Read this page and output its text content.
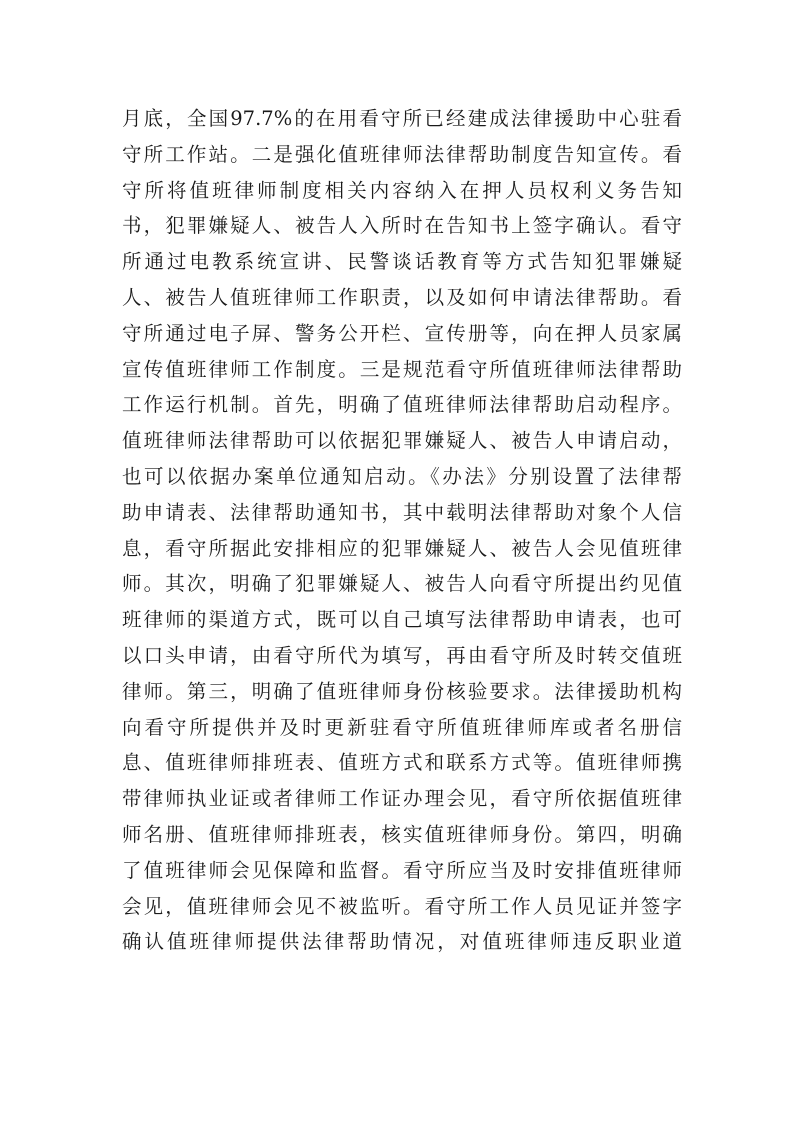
月底，全国97.7%的在用看守所已经建成法律援助中心驻看
守所工作站。二是强化值班律师法律帮助制度告知宣传。看
守所将值班律师制度相关内容纳入在押人员权利义务告知
书，犯罪嫌疑人、被告人入所时在告知书上签字确认。看守
所通过电教系统宣讲、民警谈话教育等方式告知犯罪嫌疑
人、被告人值班律师工作职责，以及如何申请法律帮助。看
守所通过电子屏、警务公开栏、宣传册等，向在押人员家属
宣传值班律师工作制度。三是规范看守所值班律师法律帮助
工作运行机制。首先，明确了值班律师法律帮助启动程序。
值班律师法律帮助可以依据犯罪嫌疑人、被告人申请启动，
也可以依据办案单位通知启动。《办法》分别设置了法律帮
助申请表、法律帮助通知书，其中载明法律帮助对象个人信
息，看守所据此安排相应的犯罪嫌疑人、被告人会见值班律
师。其次，明确了犯罪嫌疑人、被告人向看守所提出约见值
班律师的渠道方式，既可以自己填写法律帮助申请表，也可
以口头申请，由看守所代为填写，再由看守所及时转交值班
律师。第三，明确了值班律师身份核验要求。法律援助机构
向看守所提供并及时更新驻看守所值班律师库或者名册信
息、值班律师排班表、值班方式和联系方式等。值班律师携
带律师执业证或者律师工作证办理会见，看守所依据值班律
师名册、值班律师排班表，核实值班律师身份。第四，明确
了值班律师会见保障和监督。看守所应当及时安排值班律师
会见，值班律师会见不被监听。看守所工作人员见证并签字
确认值班律师提供法律帮助情况，对值班律师违反职业道
